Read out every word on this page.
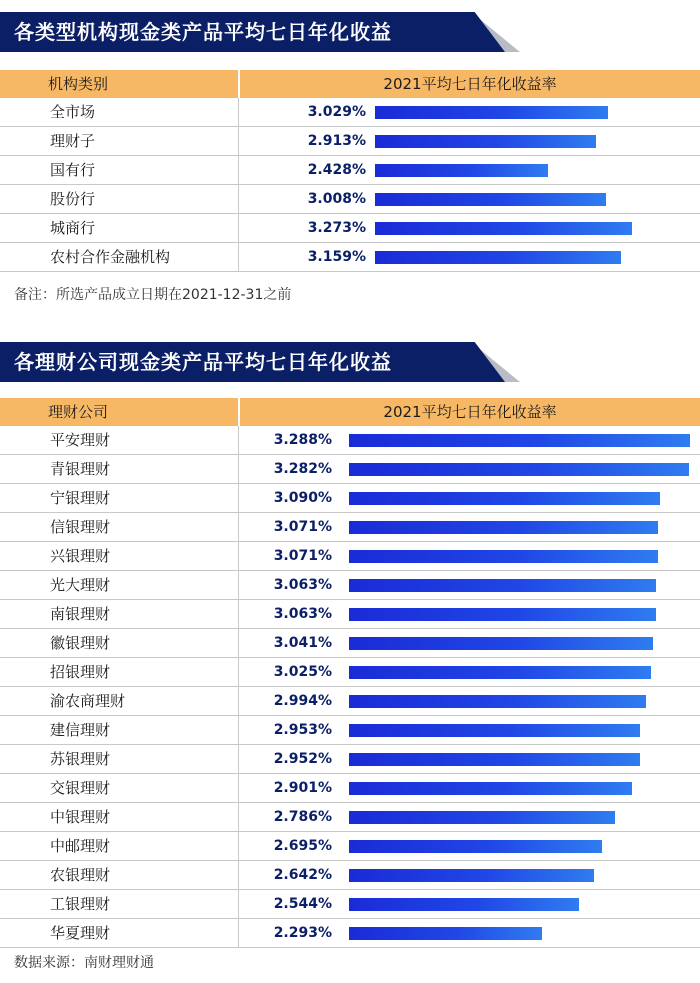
各类型机构现金类产品平均七日年化收益
机构类别	2021平均七日年化收益率
全市场	3.029%
理财子	2.913%
国有行	2.428%
股份行	3.008%
城商行	3.273%
农村合作金融机构	3.159%
备注：所选产品成立日期在2021-12-31之前
各理财公司现金类产品平均七日年化收益
理财公司	2021平均七日年化收益率
平安理财	3.288%
青银理财	3.282%
宁银理财	3.090%
信银理财	3.071%
兴银理财	3.071%
光大理财	3.063%
南银理财	3.063%
徽银理财	3.041%
招银理财	3.025%
渝农商理财	2.994%
建信理财	2.953%
苏银理财	2.952%
交银理财	2.901%
中银理财	2.786%
中邮理财	2.695%
农银理财	2.642%
工银理财	2.544%
华夏理财	2.293%
数据来源：南财理财通
